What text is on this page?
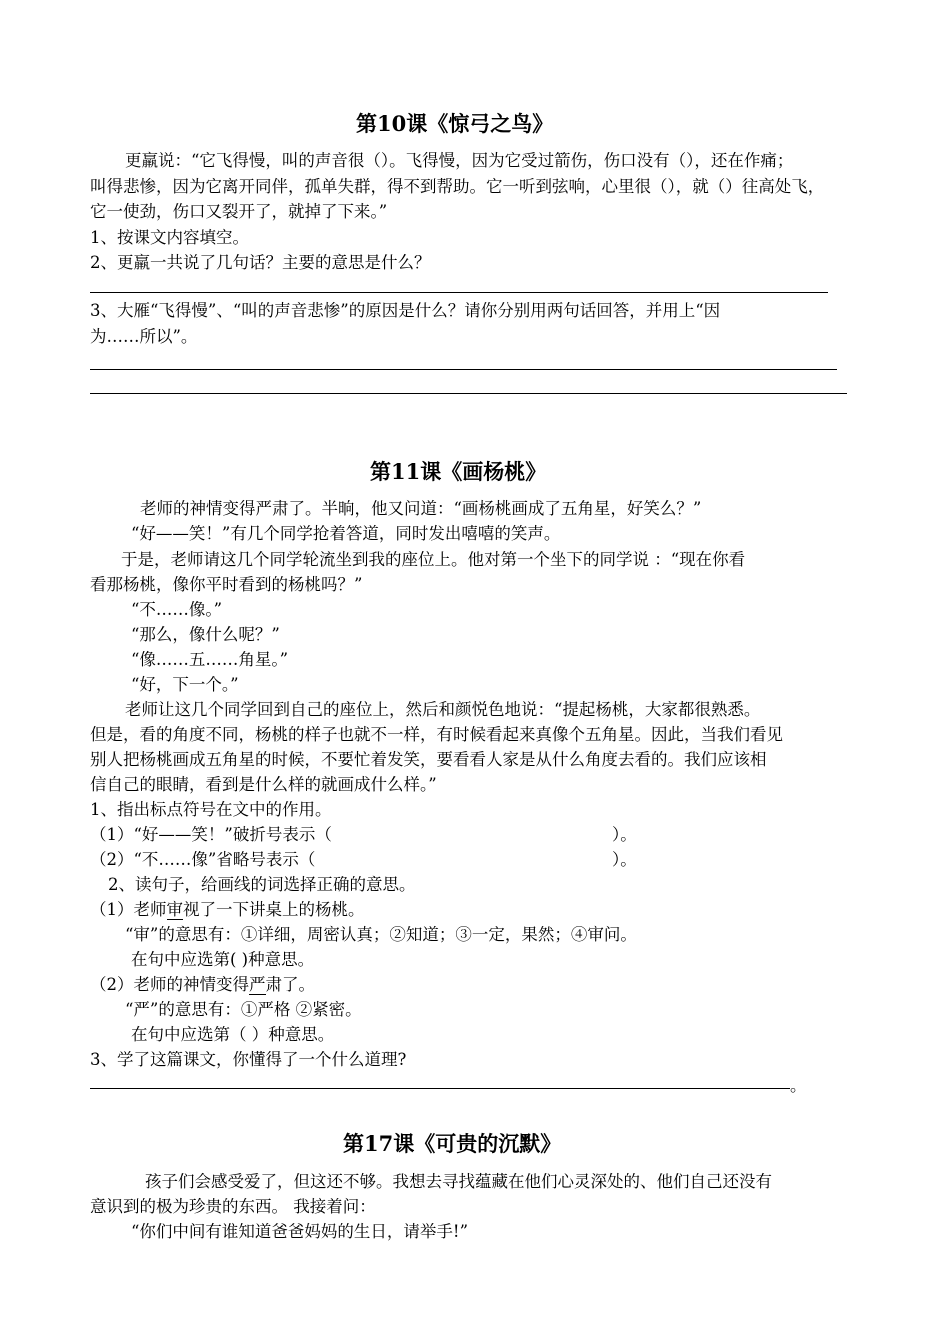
第10课《惊弓之鸟》
更羸说：“它飞得慢，叫的声音很（）。飞得慢，因为它受过箭伤，伤口没有（），还在作痛；
叫得悲惨，因为它离开同伴，孤单失群，得不到帮助。它一听到弦响，心里很（），就（）往高处飞，
它一使劲，伤口又裂开了，就掉了下来。”
1、按课文内容填空。
2、更羸一共说了几句话？主要的意思是什么？
3、大雁“飞得慢”、“叫的声音悲惨”的原因是什么？请你分别用两句话回答，并用上“因
为……所以”。
第11课《画杨桃》
老师的神情变得严肃了。半晌，他又问道：“画杨桃画成了五角星，好笑么？”
“好——笑！”有几个同学抢着答道，同时发出嘻嘻的笑声。
于是，老师请这几个同学轮流坐到我的座位上。他对第一个坐下的同学说 ：“现在你看
看那杨桃，像你平时看到的杨桃吗？”
“不……像。”
“那么，像什么呢？”
“像……五……角星。”
“好，下一个。”
老师让这几个同学回到自己的座位上，然后和颜悦色地说：“提起杨桃，大家都很熟悉。
但是，看的角度不同，杨桃的样子也就不一样，有时候看起来真像个五角星。因此，当我们看见
别人把杨桃画成五角星的时候，不要忙着发笑，要看看人家是从什么角度去看的。我们应该相
信自己的眼睛，看到是什么样的就画成什么样。”
1、指出标点符号在文中的作用。
（1）“好——笑！”破折号表示（	）。
（2）“不……像”省略号表示（	）。
2、读句子，给画线的词选择正确的意思。
（1）老师审视了一下讲桌上的杨桃。
“审”的意思有：①详细，周密认真；②知道；③一定，果然；④审问。
在句中应选第( )种意思。
（2）老师的神情变得严肃了。
“严”的意思有：①严格 ②紧密。
在句中应选第（ ）种意思。
3、学了这篇课文，你懂得了一个什么道理?
。
第17课《可贵的沉默》
孩子们会感受爱了，但这还不够。我想去寻找蕴藏在他们心灵深处的、他们自己还没有
意识到的极为珍贵的东西。 我接着问：
“你们中间有谁知道爸爸妈妈的生日，请举手!”
